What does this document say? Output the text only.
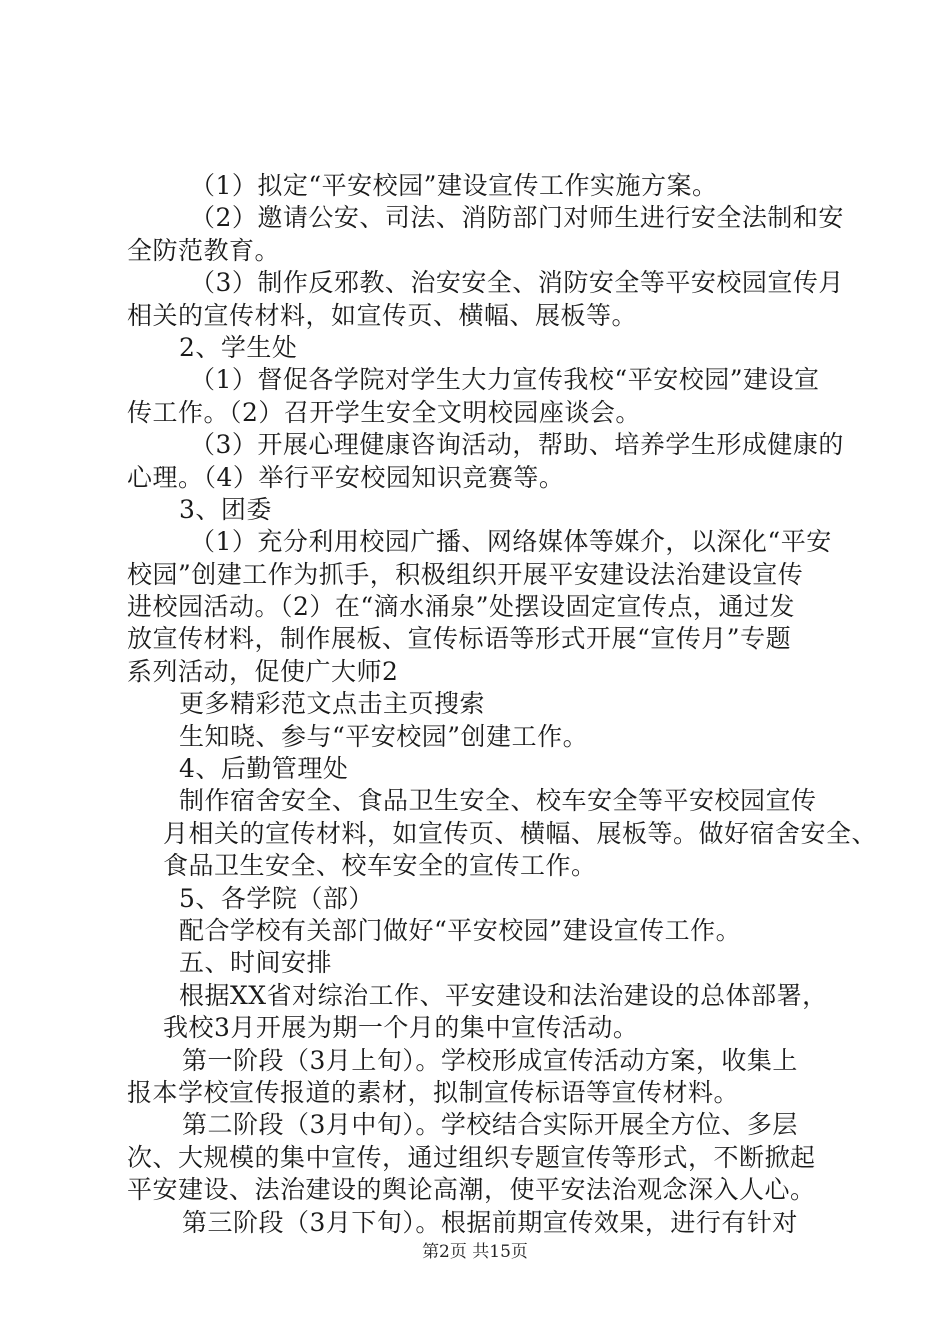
（1）拟定“平安校园”建设宣传工作实施方案。
（2）邀请公安、司法、消防部门对师生进行安全法制和安
全防范教育。
（3）制作反邪教、治安安全、消防安全等平安校园宣传月
相关的宣传材料，如宣传页、横幅、展板等。
2、学生处
（1）督促各学院对学生大力宣传我校“平安校园”建设宣
传工作。（2）召开学生安全文明校园座谈会。
（3）开展心理健康咨询活动，帮助、培养学生形成健康的
心理。（4）举行平安校园知识竞赛等。
3、团委
（1）充分利用校园广播、网络媒体等媒介，以深化“平安
校园”创建工作为抓手，积极组织开展平安建设法治建设宣传
进校园活动。（2）在“滴水涌泉”处摆设固定宣传点，通过发
放宣传材料，制作展板、宣传标语等形式开展“宣传月”专题
系列活动，促使广大师2
更多精彩范文点击主页搜索
生知晓、参与“平安校园”创建工作。
4、后勤管理处
制作宿舍安全、食品卫生安全、校车安全等平安校园宣传
月相关的宣传材料，如宣传页、横幅、展板等。做好宿舍安全、
食品卫生安全、校车安全的宣传工作。
5、各学院（部）
配合学校有关部门做好“平安校园”建设宣传工作。
五、时间安排
根据XX省对综治工作、平安建设和法治建设的总体部署，
我校3月开展为期一个月的集中宣传活动。
第一阶段（3月上旬）。学校形成宣传活动方案，收集上
报本学校宣传报道的素材，拟制宣传标语等宣传材料。
第二阶段（3月中旬）。学校结合实际开展全方位、多层
次、大规模的集中宣传，通过组织专题宣传等形式，不断掀起
平安建设、法治建设的舆论高潮，使平安法治观念深入人心。
第三阶段（3月下旬）。根据前期宣传效果，进行有针对
第2页 共15页
